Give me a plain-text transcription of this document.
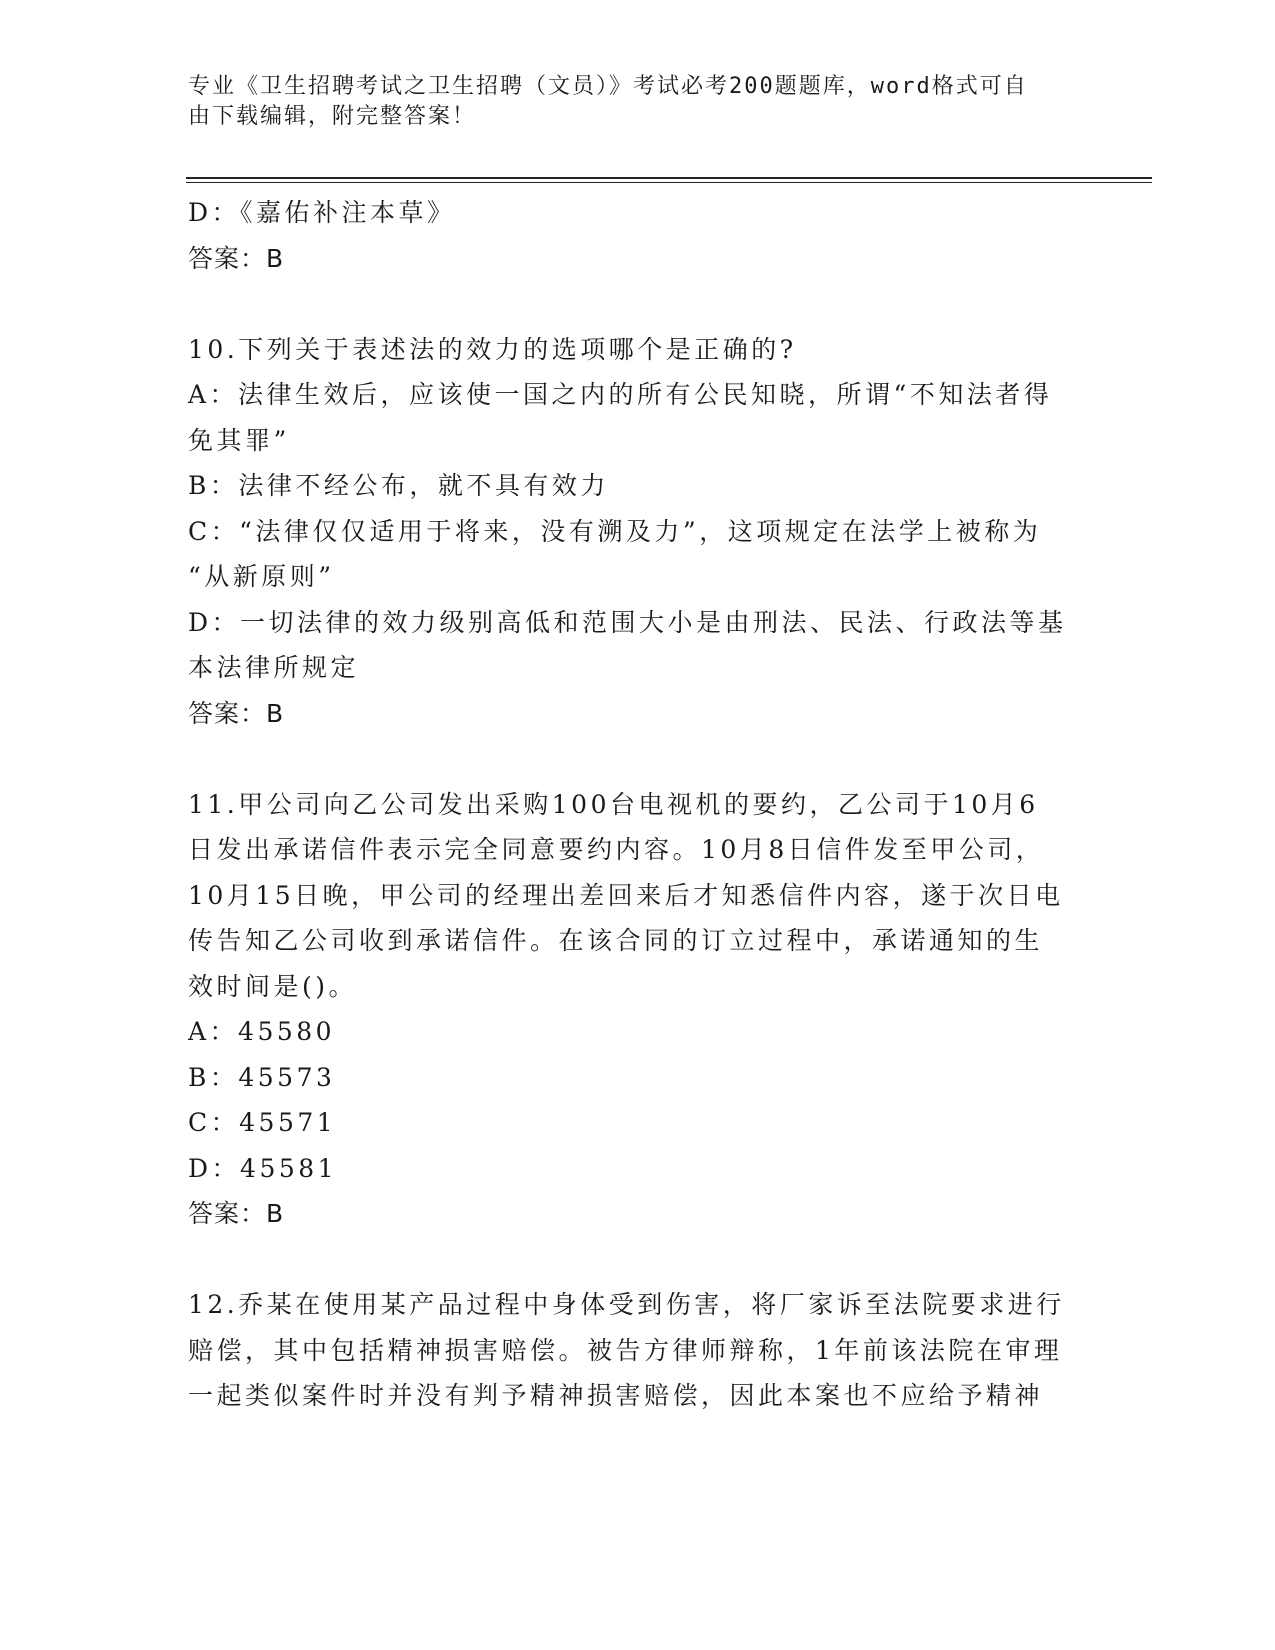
专业《卫生招聘考试之卫生招聘（文员）》考试必考200题题库，word格式可自
由下载编辑，附完整答案！
D：《嘉佑补注本草》
答案：B
10.下列关于表述法的效力的选项哪个是正确的?
A：法律生效后，应该使一国之内的所有公民知晓，所谓“不知法者得
免其罪”
B：法律不经公布，就不具有效力
C：“法律仅仅适用于将来，没有溯及力”，这项规定在法学上被称为
“从新原则”
D：一切法律的效力级别高低和范围大小是由刑法、民法、行政法等基
本法律所规定
答案：B
11.甲公司向乙公司发出采购100台电视机的要约，乙公司于10月6
日发出承诺信件表示完全同意要约内容。10月8日信件发至甲公司，
10月15日晚，甲公司的经理出差回来后才知悉信件内容，遂于次日电
传告知乙公司收到承诺信件。在该合同的订立过程中，承诺通知的生
效时间是()。
A：45580
B：45573
C：45571
D：45581
答案：B
12.乔某在使用某产品过程中身体受到伤害，将厂家诉至法院要求进行
赔偿，其中包括精神损害赔偿。被告方律师辩称，1年前该法院在审理
一起类似案件时并没有判予精神损害赔偿，因此本案也不应给予精神
